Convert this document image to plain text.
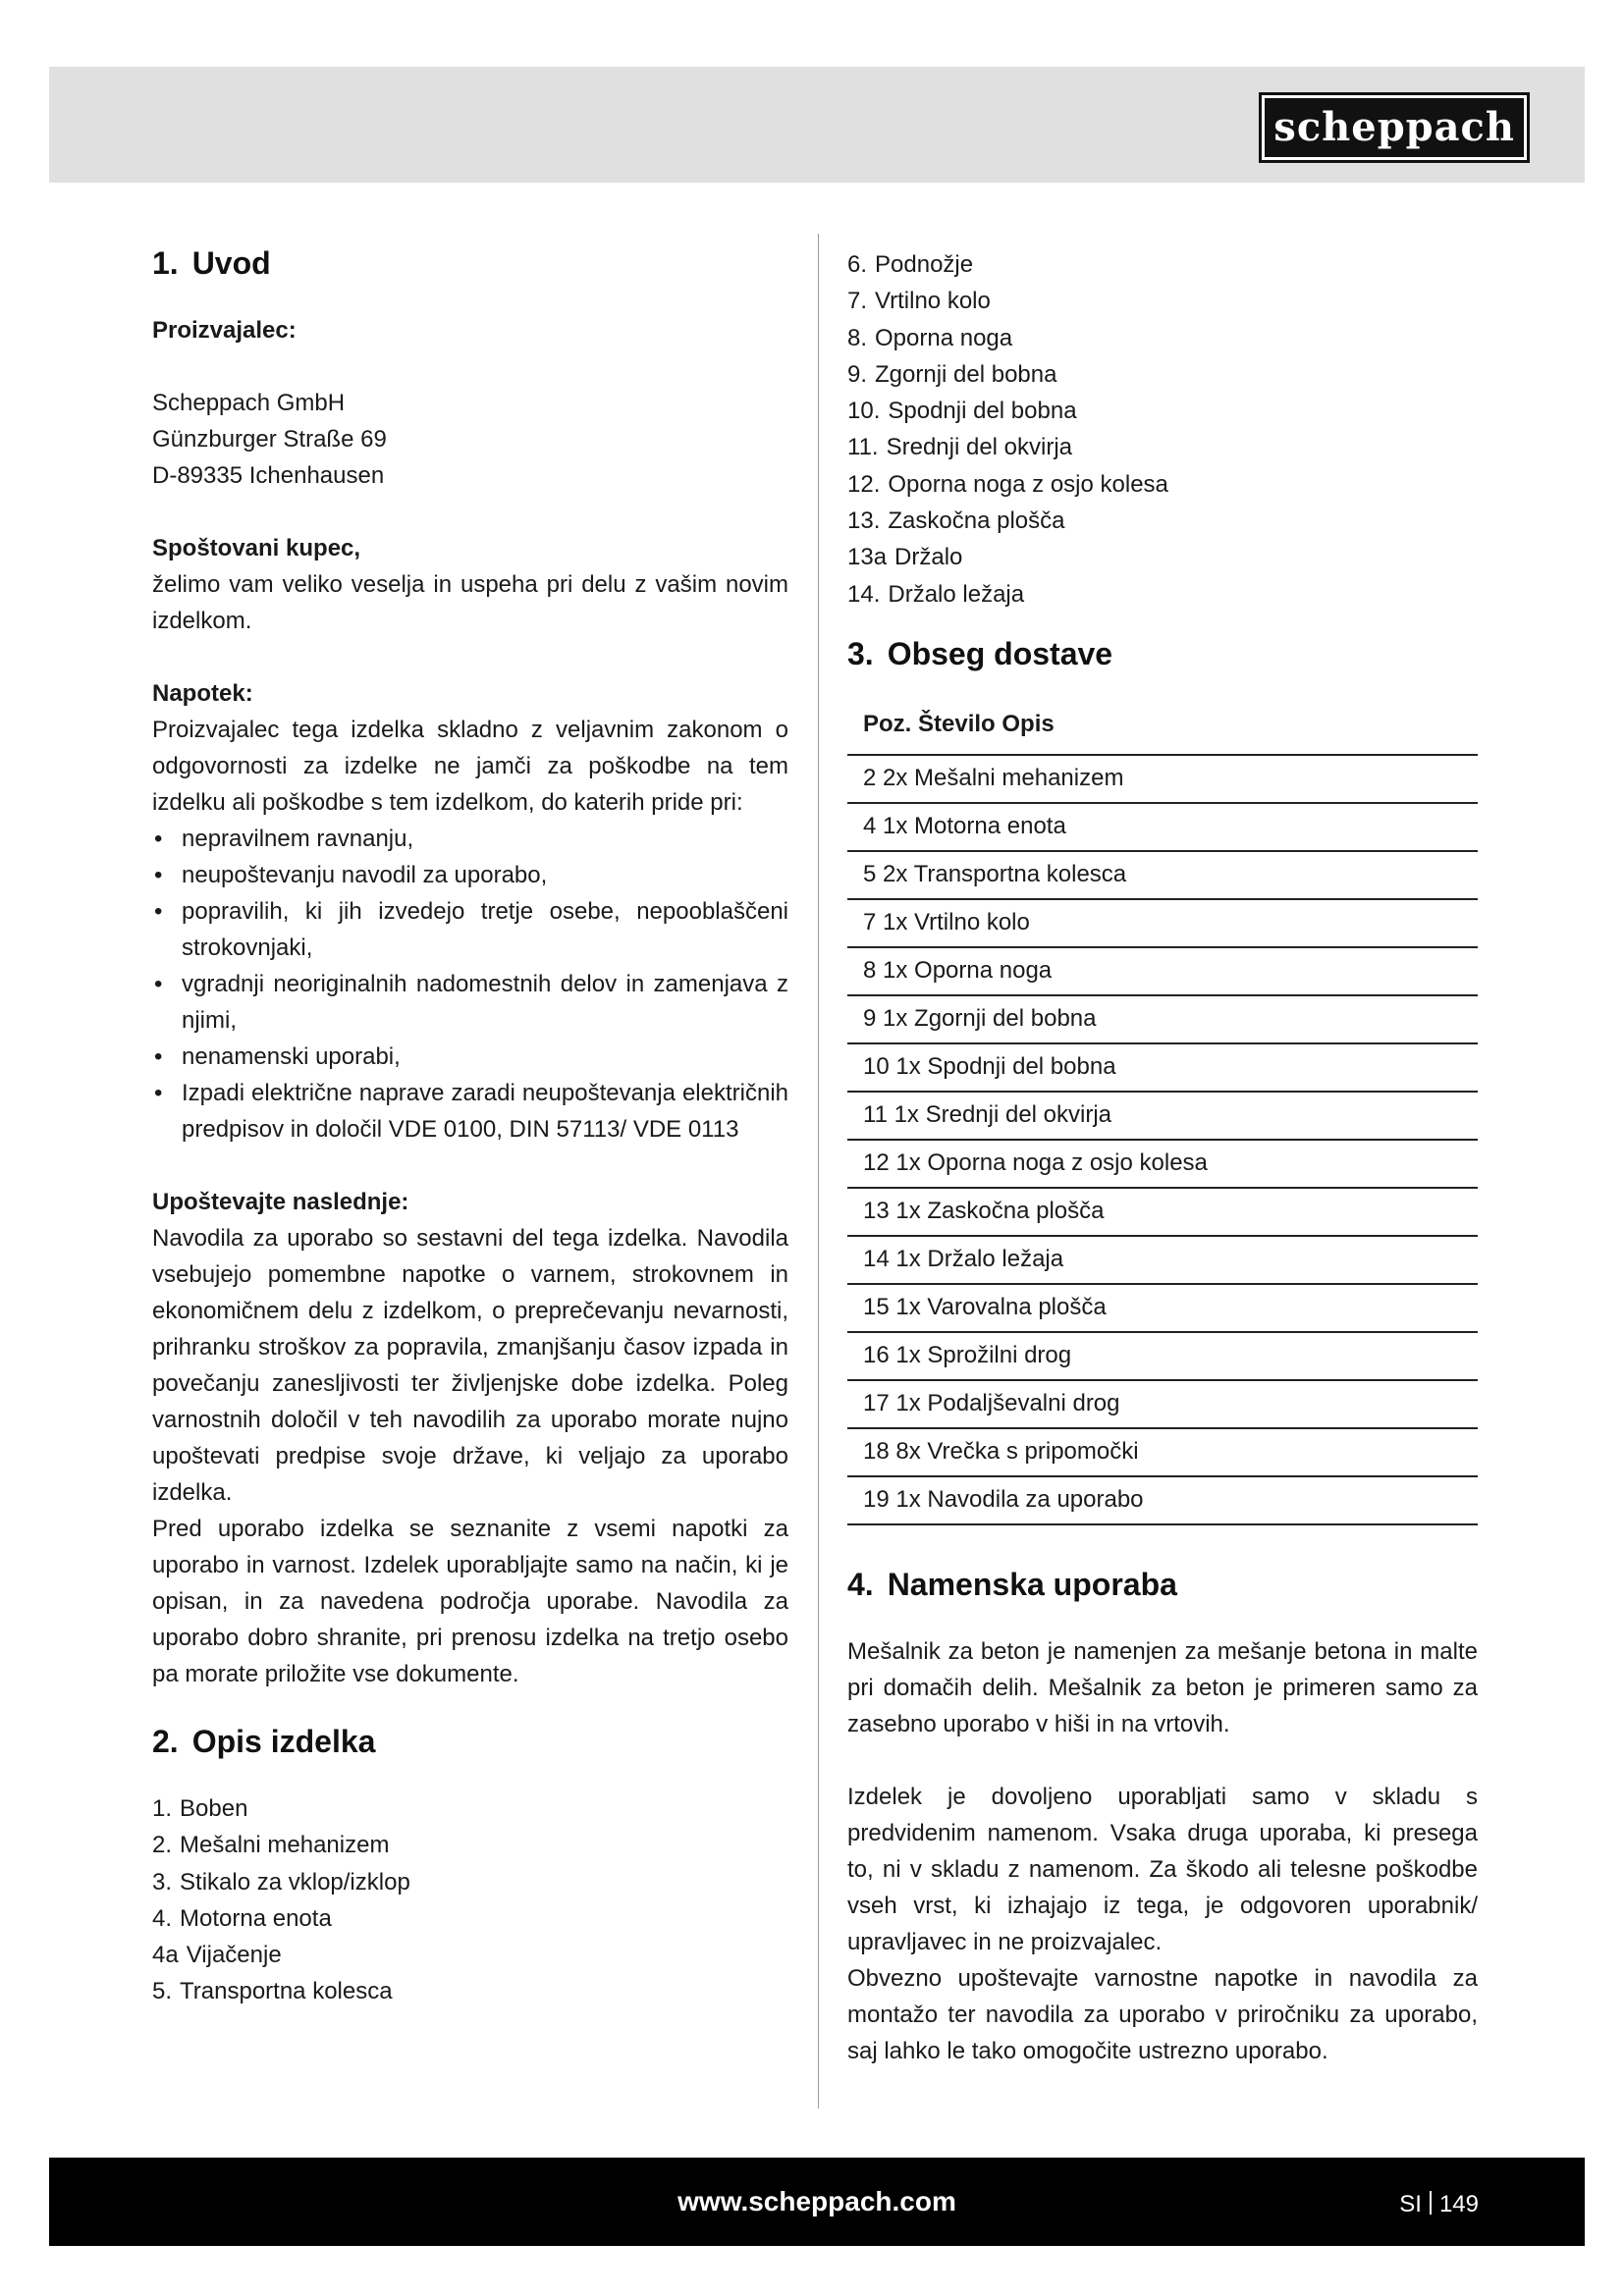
scheppach
1. Uvod

Proizvajalec:

Scheppach GmbH

Günzburger Straße 69

D-89335 Ichenhausen

Spoštovani kupec,

želimo vam veliko veselja in uspeha pri delu z vašim novim izdelkom.

Napotek:

Proizvajalec tega izdelka skladno z veljavnim zakonom o odgovornosti za izdelke ne jamči za poškodbe na tem izdelku ali poškodbe s tem izdelkom, do katerih pride pri:

• nepravilnem ravnanju,
• neupoštevanju navodil za uporabo,
• popravilih, ki jih izvedejo tretje osebe, nepooblaščeni strokovnjaki,
• vgradnji neoriginalnih nadomestnih delov in zamenjava z njimi,
• nenamenski uporabi,
• Izpadi električne naprave zaradi neupoštevanja električnih predpisov in določil VDE 0100, DIN 57113/ VDE 0113

Upoštevajte naslednje:

Navodila za uporabo so sestavni del tega izdelka. Navodila vsebujejo pomembne napotke o varnem, strokovnem in ekonomičnem delu z izdelkom, o preprečevanju nevarnosti, prihranku stroškov za popravila, zmanjšanju časov izpada in povečanju zanesljivosti ter življenjske dobe izdelka. Poleg varnostnih določil v teh navodilih za uporabo morate nujno upoštevati predpise svoje države, ki veljajo za uporabo izdelka.

Pred uporabo izdelka se seznanite z vsemi napotki za uporabo in varnost. Izdelek uporabljajte samo na način, ki je opisan, in za navedena področja uporabe. Navodila za uporabo dobro shranite, pri prenosu izdelka na tretjo osebo pa morate priložite vse dokumente.

2. Opis izdelka
1. Boben
2. Mešalni mehanizem
3. Stikalo za vklop/izklop
4. Motorna enota
4a Vijačenje
5. Transportna kolesca
6. Podnožje
7. Vrtilno kolo
8. Oporna noga
9. Zgornji del bobna
10. Spodnji del bobna
11. Srednji del okvirja
12. Oporna noga z osjo kolesa
13. Zaskočna plošča
13a Držalo
14. Držalo ležaja
3. Obseg dostave
Poz. Število Opis
2 2x Mešalni mehanizem
4 1x Motorna enota
5 2x Transportna kolesca
7 1x Vrtilno kolo
8 1x Oporna noga
9 1x Zgornji del bobna
10 1x Spodnji del bobna
11 1x Srednji del okvirja
12 1x Oporna noga z osjo kolesa
13 1x Zaskočna plošča
14 1x Držalo ležaja
15 1x Varovalna plošča
16 1x Sprožilni drog
17 1x Podaljševalni drog
18 8x Vrečka s pripomočki
19 1x Navodila za uporabo
4. Namenska uporaba

Mešalnik za beton je namenjen za mešanje betona in malte pri domačih delih. Mešalnik za beton je primeren samo za zasebno uporabo v hiši in na vrtovih.

Izdelek je dovoljeno uporabljati samo v skladu s predvidenim namenom. Vsaka druga uporaba, ki presega to, ni v skladu z namenom. Za škodo ali telesne poškodbe vseh vrst, ki izhajajo iz tega, je odgovoren uporabnik/ upravljavec in ne proizvajalec.

Obvezno upoštevajte varnostne napotke in navodila za montažo ter navodila za uporabo v priročniku za uporabo, saj lahko le tako omogočite ustrezno uporabo.

www.scheppach.com	SI 149
